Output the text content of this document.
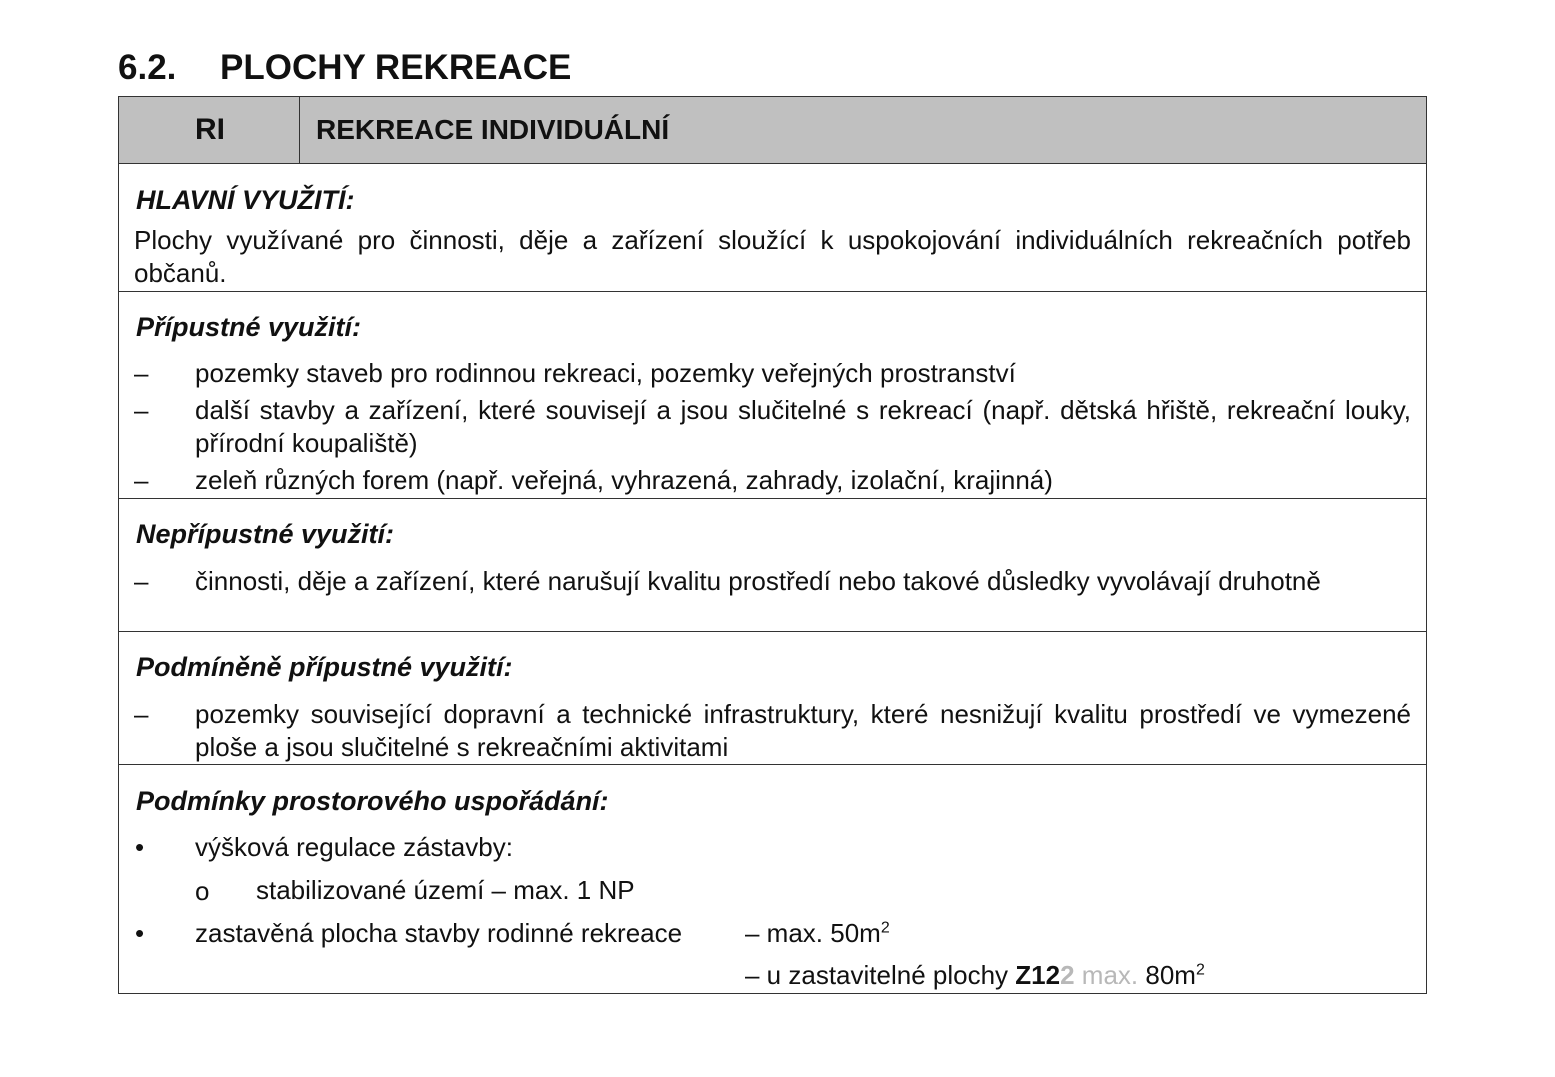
6.2. PLOCHY REKREACE
RI	REKREACE INDIVIDUÁLNÍ
HLAVNÍ VYUŽITÍ:
Plochy využívané pro činnosti, děje a zařízení sloužící k uspokojování individuálních rekreačních potřeb občanů.
Přípustné využití:
– pozemky staveb pro rodinnou rekreaci, pozemky veřejných prostranství
– další stavby a zařízení, které souvisejí a jsou slučitelné s rekreací (např. dětská hřiště, rekreační louky, přírodní koupaliště)
– zeleň různých forem (např. veřejná, vyhrazená, zahrady, izolační, krajinná)
Nepřípustné využití:
– činnosti, děje a zařízení, které narušují kvalitu prostředí nebo takové důsledky vyvolávají druhotně
Podmíněně přípustné využití:
– pozemky související dopravní a technické infrastruktury, které nesnižují kvalitu prostředí ve vymezené ploše a jsou slučitelné s rekreačními aktivitami
Podmínky prostorového uspořádání:
• výšková regulace zástavby:
o stabilizované území – max. 1 NP
• zastavěná plocha stavby rodinné rekreace – max. $50m^2$
– u zastavitelné plochy Z122 max. $80m^2$
